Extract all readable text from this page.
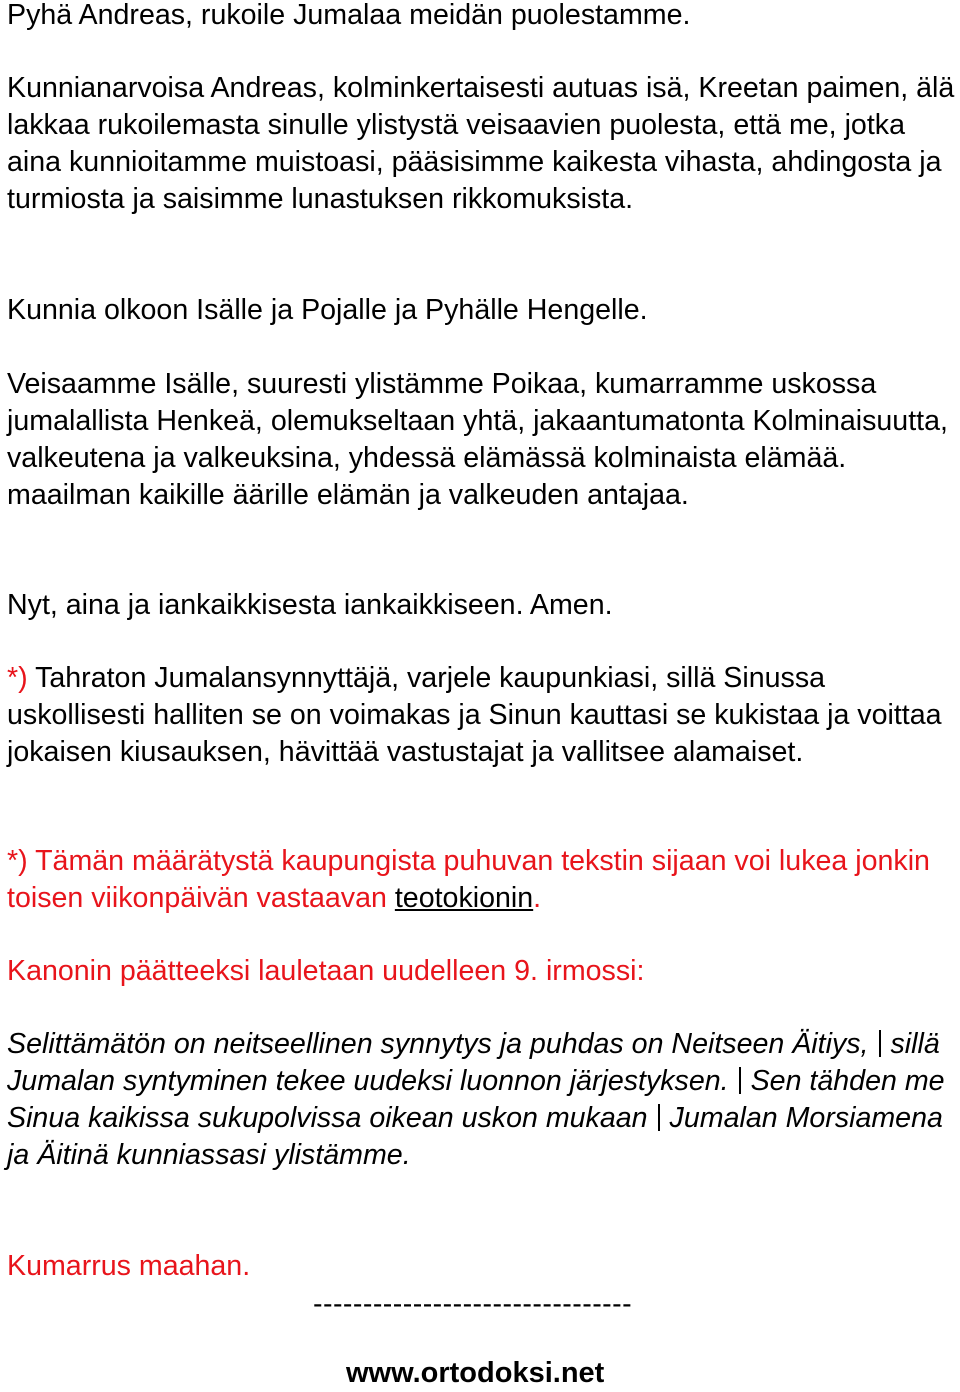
Pyhä Andreas, rukoile Jumalaa meidän puolestamme.

Kunnianarvoisa Andreas, kolminkertaisesti autuas isä, Kreetan paimen, älä lakkaa rukoilemasta sinulle ylistystä veisaavien puolesta, että me, jotka aina kunnioitamme muistoasi, pääsisimme kaikesta vihasta, ahdingosta ja turmiosta ja saisimme lunastuksen rikkomuksista.

Kunnia olkoon Isälle ja Pojalle ja Pyhälle Hengelle.

Veisaamme Isälle, suuresti ylistämme Poikaa, kumarramme uskossa jumalallista Henkeä, olemukseltaan yhtä, jakaantumatonta Kolminaisuutta, valkeutena ja valkeuksina, yhdessä elämässä kolminaista elämää. maailman kaikille äärille elämän ja valkeuden antajaa.

Nyt, aina ja iankaikkisesta iankaikkiseen. Amen.

*) Tahraton Jumalansynnyttäjä, varjele kaupunkiasi, sillä Sinussa uskollisesti halliten se on voimakas ja Sinun kauttasi se kukistaa ja voittaa jokaisen kiusauksen, hävittää vastustajat ja vallitsee alamaiset.

*) Tämän määrätystä kaupungista puhuvan tekstin sijaan voi lukea jonkin toisen viikonpäivän vastaavan teotokionin.

Kanonin päätteeksi lauletaan uudelleen 9. irmossi:

Selittämätön on neitseellinen synnytys ja puhdas on Neitseen Äitiys, sillä Jumalan syntyminen tekee uudeksi luonnon järjestyksen. Sen tähden me Sinua kaikissa sukupolvissa oikean uskon mukaan Jumalan Morsiamena ja Äitinä kunniassasi ylistämme.

Kumarrus maahan.

--------------------------------

www.ortodoksi.net
